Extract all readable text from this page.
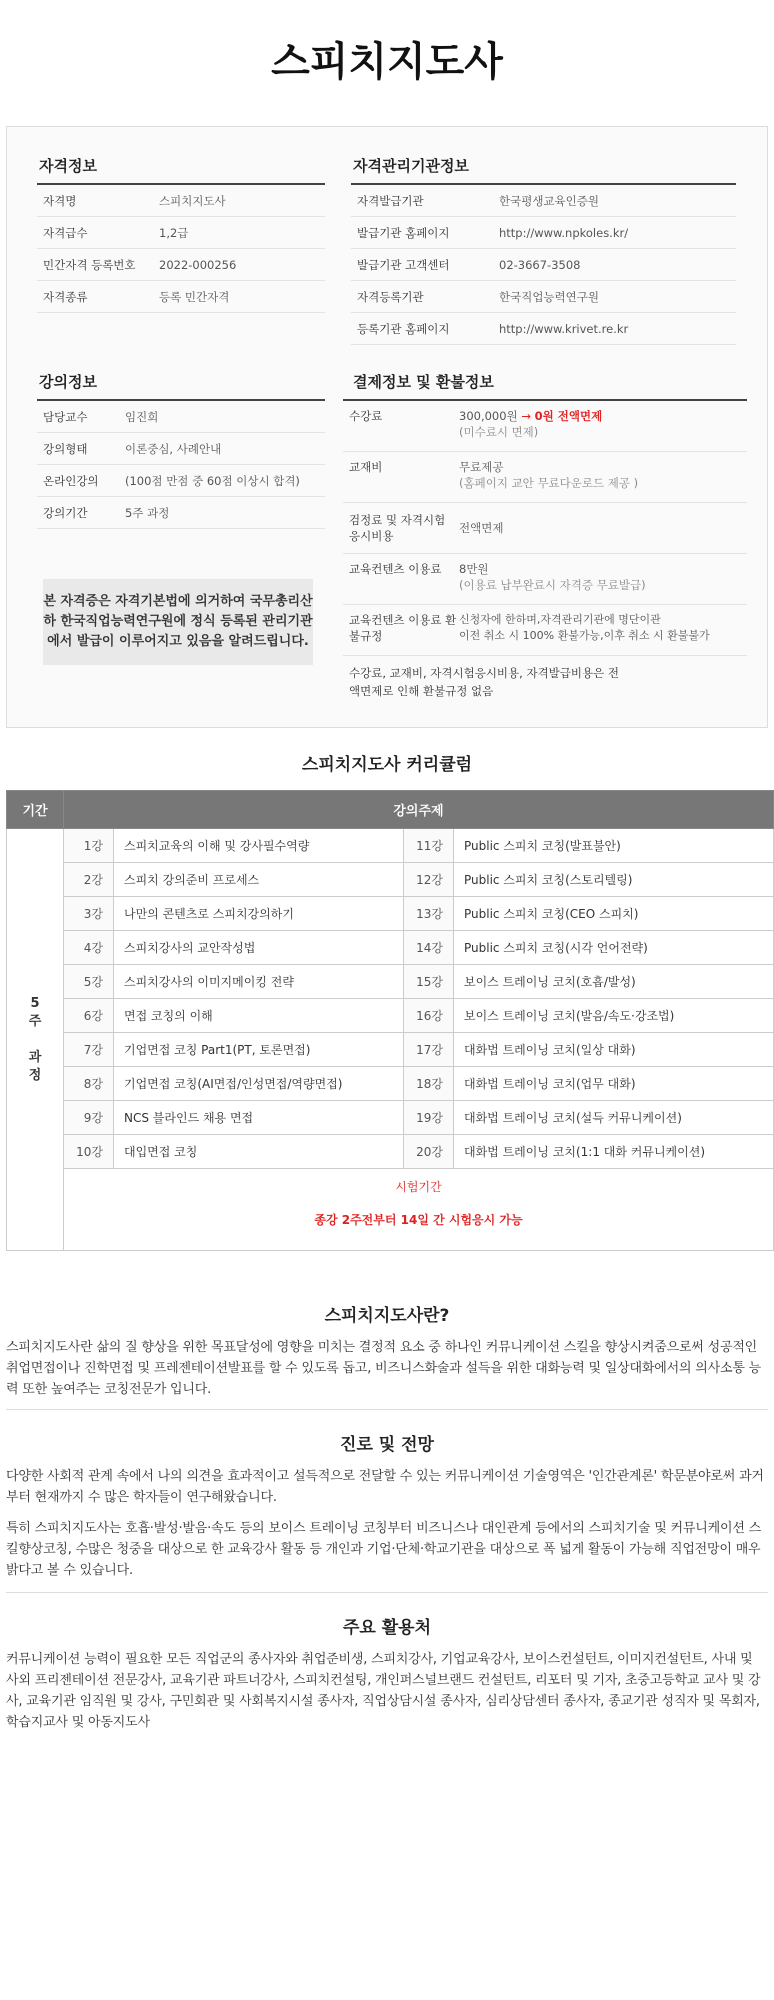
스피치지도사
자격정보
자격명	스피치지도사
자격급수	1,2급
민간자격 등록번호	2022-000256
자격종류	등록 민간자격
자격관리기관정보
자격발급기관	한국평생교육인증원
발급기관 홈페이지	http://www.npkoles.kr/
발급기관 고객센터	02-3667-3508
자격등록기관	한국직업능력연구원
등록기관 홈페이지	http://www.krivet.re.kr
강의정보
담당교수	임진희
강의형태	이론중심, 사례안내
온라인강의	(100점 만점 중 60점 이상시 합격)
강의기간	5주 과정
본 자격증은 자격기본법에 의거하여 국무총리산하 한국직업능력연구원에 정식 등록된 관리기관에서 발급이 이루어지고 있음을 알려드립니다.
결제정보 및 환불정보
수강료	300,000원 → 0원 전액면제
(미수료시 면제)
교재비	무료제공
(홈페이지 교안 무료다운로드 제공 )
검정료 및 자격시험 응시비용
전액면제
교육컨텐츠 이용료	8만원
(이용료 납부완료시 자격증 무료발급)
교육컨텐츠 이용료 환불규정
신청자에 한하며,자격관리기관에 명단이관
이전 취소 시 100% 환불가능,이후 취소 시 환불불가
수강료, 교재비, 자격시험응시비용, 자격발급비용은 전액면제로 인해 환불규정 없음
스피치지도사 커리큘럼
기간	강의주제			
5
주

과
정	1강	스피치교육의 이해 및 강사필수역량	11강	Public 스피치 코칭(발표불안)
	2강	스피치 강의준비 프로세스	12강	Public 스피치 코칭(스토리텔링)
	3강	나만의 콘텐츠로 스피치강의하기	13강	Public 스피치 코칭(CEO 스피치)
	4강	스피치강사의 교안작성법	14강	Public 스피치 코칭(시각 언어전략)
	5강	스피치강사의 이미지메이킹 전략	15강	보이스 트레이닝 코치(호흡/발성)
	6강	면접 코칭의 이해	16강	보이스 트레이닝 코치(발음/속도·강조법)
	7강	기업면접 코칭 Part1(PT, 토론면접)	17강	대화법 트레이닝 코치(일상 대화)
	8강	기업면접 코칭(AI면접/인성면접/역량면접)	18강	대화법 트레이닝 코치(업무 대화)
	9강	NCS 블라인드 채용 면접	19강	대화법 트레이닝 코치(설득 커뮤니케이션)
	10강	대입면접 코칭	20강	대화법 트레이닝 코치(1:1 대화 커뮤니케이션)

	시험기간
종강 2주전부터 14일 간 시험응시 가능			
스피치지도사란?

스피치지도사란 삶의 질 향상을 위한 목표달성에 영향을 미치는 결정적 요소 중 하나인 커뮤니케이션 스킬을 향상시켜줌으로써 성공적인 취업면접이나 진학면접 및 프레젠테이션발표를 할 수 있도록 돕고, 비즈니스화술과 설득을 위한 대화능력 및 일상대화에서의 의사소통 능력 또한 높여주는 코칭전문가 입니다.

진로 및 전망

다양한 사회적 관계 속에서 나의 의견을 효과적이고 설득적으로 전달할 수 있는 커뮤니케이션 기술영역은 '인간관계론' 학문분야로써 과거부터 현재까지 수 많은 학자들이 연구해왔습니다.

특히 스피치지도사는 호흡·발성·발음·속도 등의 보이스 트레이닝 코칭부터 비즈니스나 대인관계 등에서의 스피치기술 및 커뮤니케이션 스킬향상코칭, 수많은 청중을 대상으로 한 교육강사 활동 등 개인과 기업·단체·학교기관을 대상으로 폭 넓게 활동이 가능해 직업전망이 매우 밝다고 볼 수 있습니다.

주요 활용처

커뮤니케이션 능력이 필요한 모든 직업군의 종사자와 취업준비생, 스피치강사, 기업교육강사, 보이스컨설턴트, 이미지컨설턴트, 사내 및 사외 프리젠테이션 전문강사, 교육기관 파트너강사, 스피치컨설팅, 개인퍼스널브랜드 컨설턴트, 리포터 및 기자, 초중고등학교 교사 및 강사, 교육기관 임직원 및 강사, 구민회관 및 사회복지시설 종사자, 직업상담시설 종사자, 심리상담센터 종사자, 종교기관 성직자 및 목회자, 학습지교사 및 아동지도사
